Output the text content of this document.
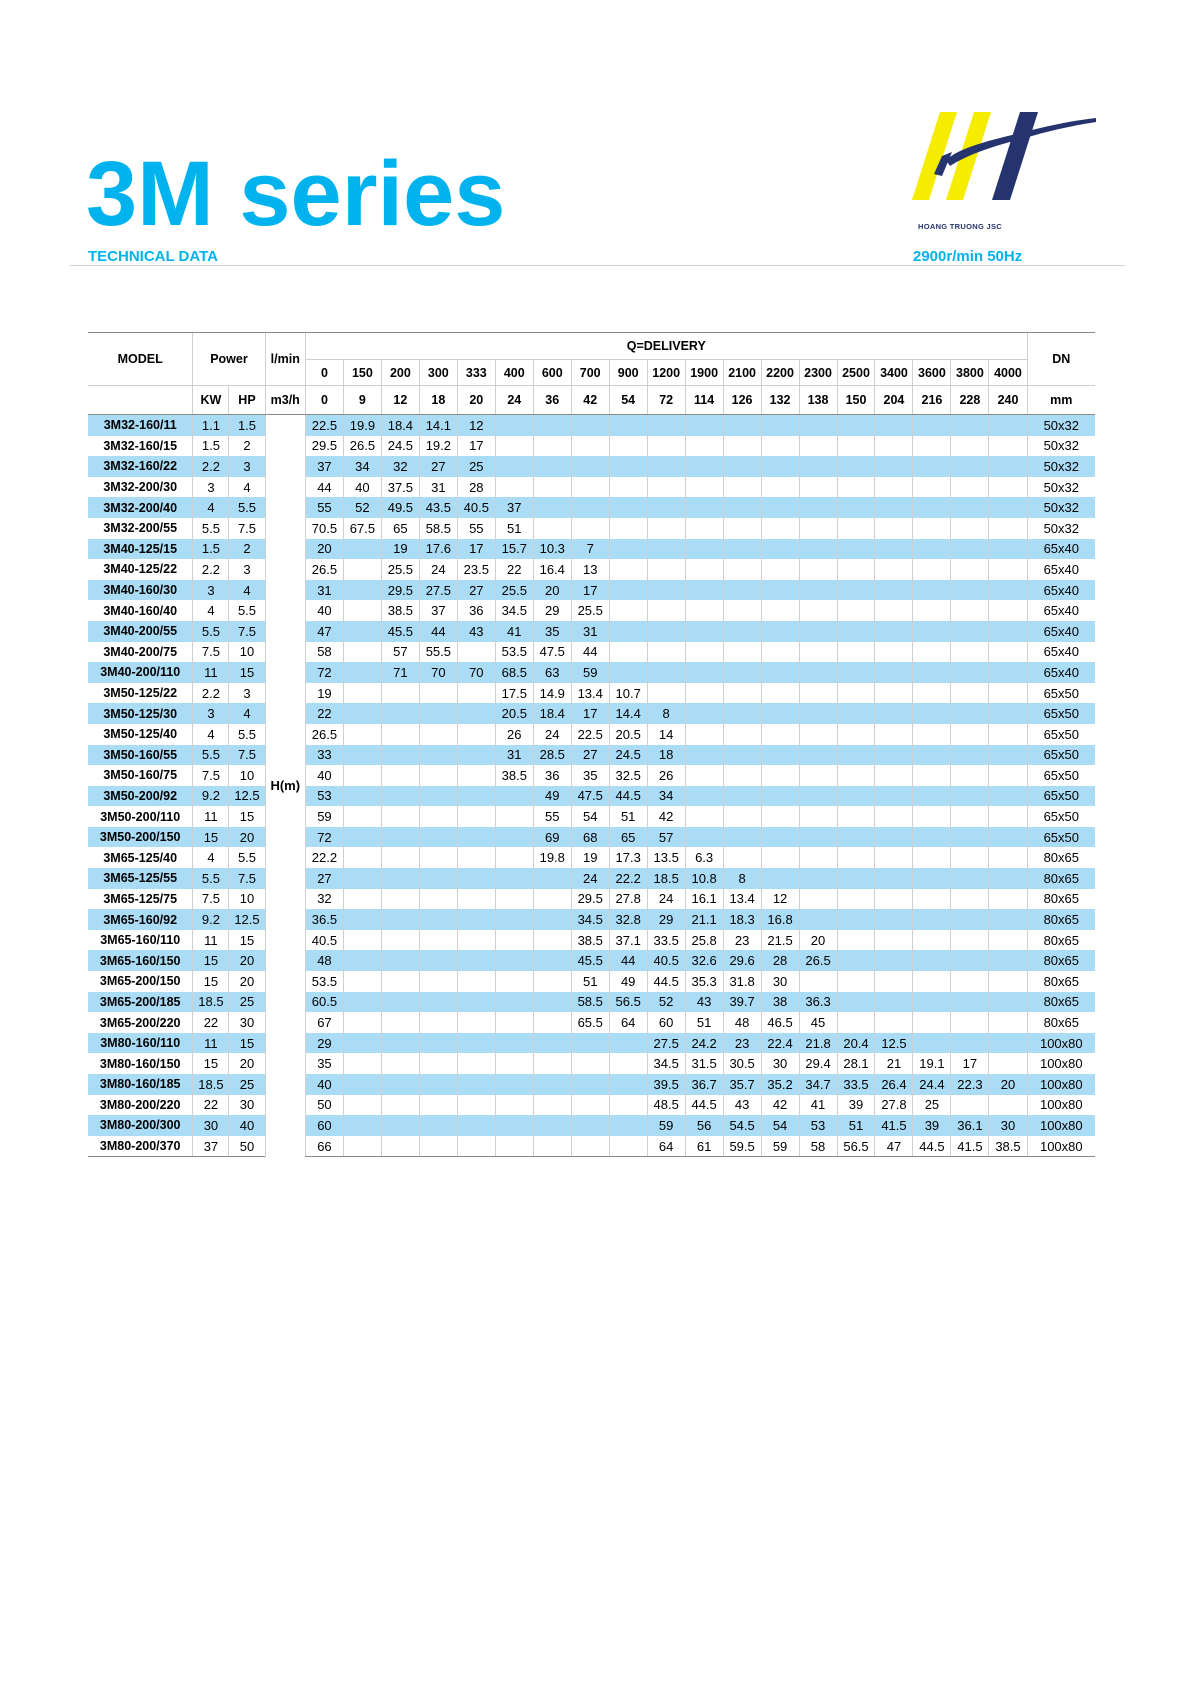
3M series
TECHNICAL DATA	2900r/min 50Hz
HOANG TRUONG JSC
MODEL	Power		l/min	Q=DELIVERY																			DN
				0	150	200	300	333	400	600	700	900	1200	1900	2100	2200	2300	2500	3400	3600	3800	4000	
	KW	HP	m3/h	0	9	12	18	20	24	36	42	54	72	114	126	132	138	150	204	216	228	240	mm
3M32-160/11	1.1	1.5	H(m)	22.5	19.9	18.4	14.1	12															50x32
3M32-160/15	1.5	2		29.5	26.5	24.5	19.2	17															50x32
3M32-160/22	2.2	3		37	34	32	27	25															50x32
3M32-200/30	3	4		44	40	37.5	31	28															50x32
3M32-200/40	4	5.5		55	52	49.5	43.5	40.5	37														50x32
3M32-200/55	5.5	7.5		70.5	67.5	65	58.5	55	51														50x32
3M40-125/15	1.5	2		20		19	17.6	17	15.7	10.3	7												65x40
3M40-125/22	2.2	3		26.5		25.5	24	23.5	22	16.4	13												65x40
3M40-160/30	3	4		31		29.5	27.5	27	25.5	20	17												65x40
3M40-160/40	4	5.5		40		38.5	37	36	34.5	29	25.5												65x40
3M40-200/55	5.5	7.5		47		45.5	44	43	41	35	31												65x40
3M40-200/75	7.5	10		58		57	55.5		53.5	47.5	44												65x40
3M40-200/110	11	15		72		71	70	70	68.5	63	59												65x40
3M50-125/22	2.2	3		19					17.5	14.9	13.4	10.7											65x50
3M50-125/30	3	4		22					20.5	18.4	17	14.4	8										65x50
3M50-125/40	4	5.5		26.5					26	24	22.5	20.5	14										65x50
3M50-160/55	5.5	7.5		33					31	28.5	27	24.5	18										65x50
3M50-160/75	7.5	10		40					38.5	36	35	32.5	26										65x50
3M50-200/92	9.2	12.5		53						49	47.5	44.5	34										65x50
3M50-200/110	11	15		59						55	54	51	42										65x50
3M50-200/150	15	20		72						69	68	65	57										65x50
3M65-125/40	4	5.5		22.2						19.8	19	17.3	13.5	6.3									80x65
3M65-125/55	5.5	7.5		27							24	22.2	18.5	10.8	8								80x65
3M65-125/75	7.5	10		32							29.5	27.8	24	16.1	13.4	12							80x65
3M65-160/92	9.2	12.5		36.5							34.5	32.8	29	21.1	18.3	16.8							80x65
3M65-160/110	11	15		40.5							38.5	37.1	33.5	25.8	23	21.5	20						80x65
3M65-160/150	15	20		48							45.5	44	40.5	32.6	29.6	28	26.5						80x65
3M65-200/150	15	20		53.5							51	49	44.5	35.3	31.8	30							80x65
3M65-200/185	18.5	25		60.5							58.5	56.5	52	43	39.7	38	36.3						80x65
3M65-200/220	22	30		67							65.5	64	60	51	48	46.5	45						80x65
3M80-160/110	11	15		29									27.5	24.2	23	22.4	21.8	20.4	12.5				100x80
3M80-160/150	15	20		35									34.5	31.5	30.5	30	29.4	28.1	21	19.1	17		100x80
3M80-160/185	18.5	25		40									39.5	36.7	35.7	35.2	34.7	33.5	26.4	24.4	22.3	20	100x80
3M80-200/220	22	30		50									48.5	44.5	43	42	41	39	27.8	25			100x80
3M80-200/300	30	40		60									59	56	54.5	54	53	51	41.5	39	36.1	30	100x80
3M80-200/370	37	50		66									64	61	59.5	59	58	56.5	47	44.5	41.5	38.5	100x80
